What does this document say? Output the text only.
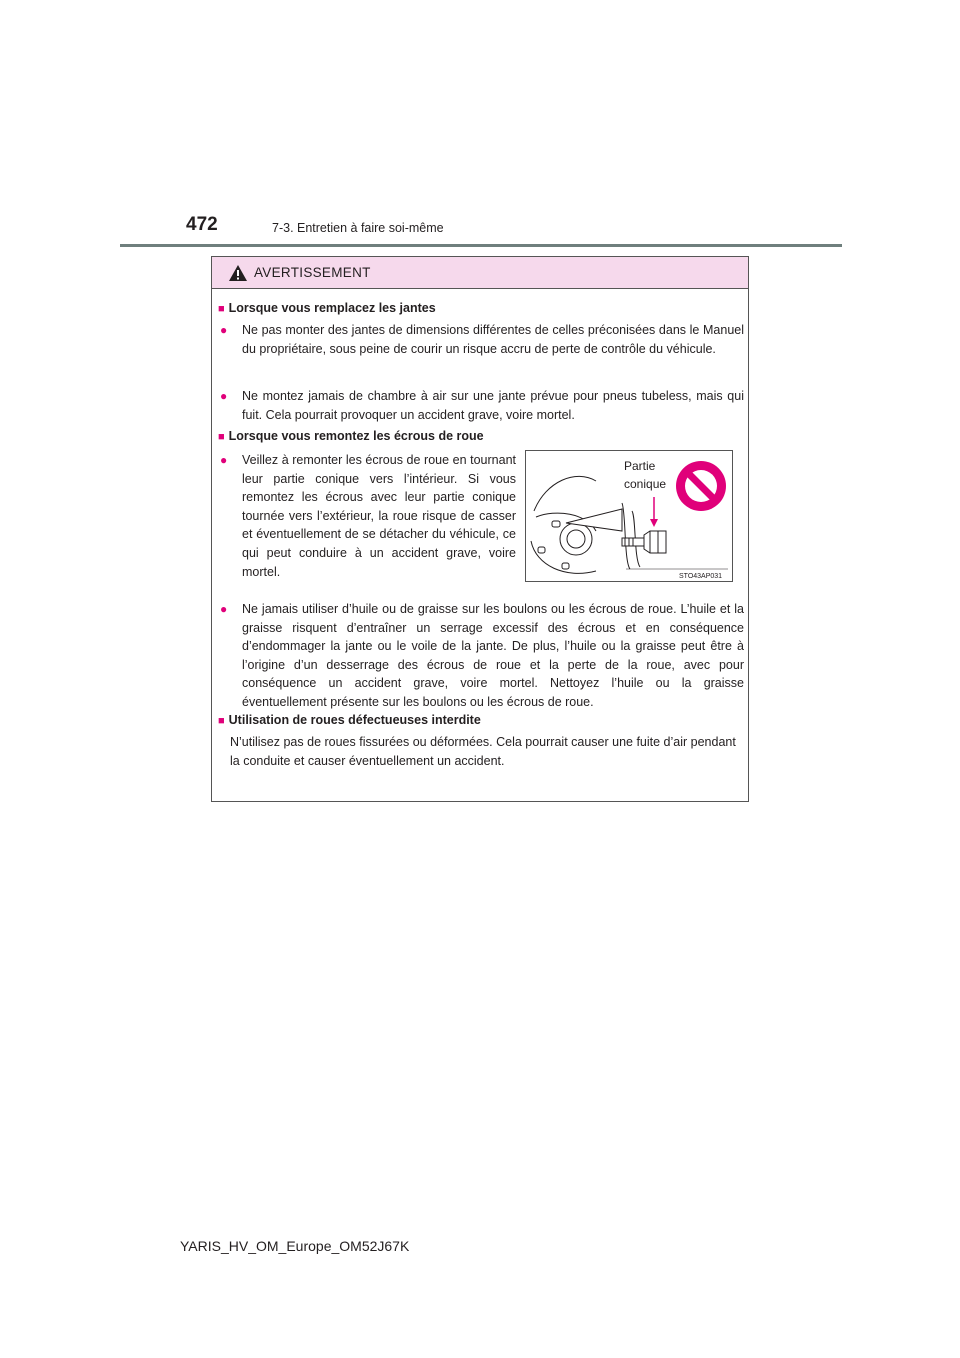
472	7-3. Entretien à faire soi-même
AVERTISSEMENT
■ Lorsque vous remplacez les jantes
● Ne pas monter des jantes de dimensions différentes de celles préconisées dans le Manuel du propriétaire, sous peine de courir un risque accru de perte de contrôle du véhicule.
● Ne montez jamais de chambre à air sur une jante prévue pour pneus tubeless, mais qui fuit. Cela pourrait provoquer un accident grave, voire mortel.
■ Lorsque vous remontez les écrous de roue
● Veillez à remonter les écrous de roue en tournant leur partie conique vers l’intérieur. Si vous remontez les écrous avec leur partie conique tournée vers l’extérieur, la roue risque de casser et éventuellement de se détacher du véhicule, ce qui peut conduire à un accident grave, voire mortel.
Partie
conique
STO43AP031
● Ne jamais utiliser d’huile ou de graisse sur les boulons ou les écrous de roue. L’huile et la graisse risquent d’entraîner un serrage excessif des écrous et en conséquence d’endommager la jante ou le voile de la jante. De plus, l’huile ou la graisse peut être à l’origine d’un desserrage des écrous de roue et la perte de la roue, avec pour conséquence un accident grave, voire mortel. Nettoyez l’huile ou la graisse éventuellement présente sur les boulons ou les écrous de roue.
■ Utilisation de roues défectueuses interdite
N’utilisez pas de roues fissurées ou déformées. Cela pourrait causer une fuite d’air pendant la conduite et causer éventuellement un accident.
YARIS_HV_OM_Europe_OM52J67K
